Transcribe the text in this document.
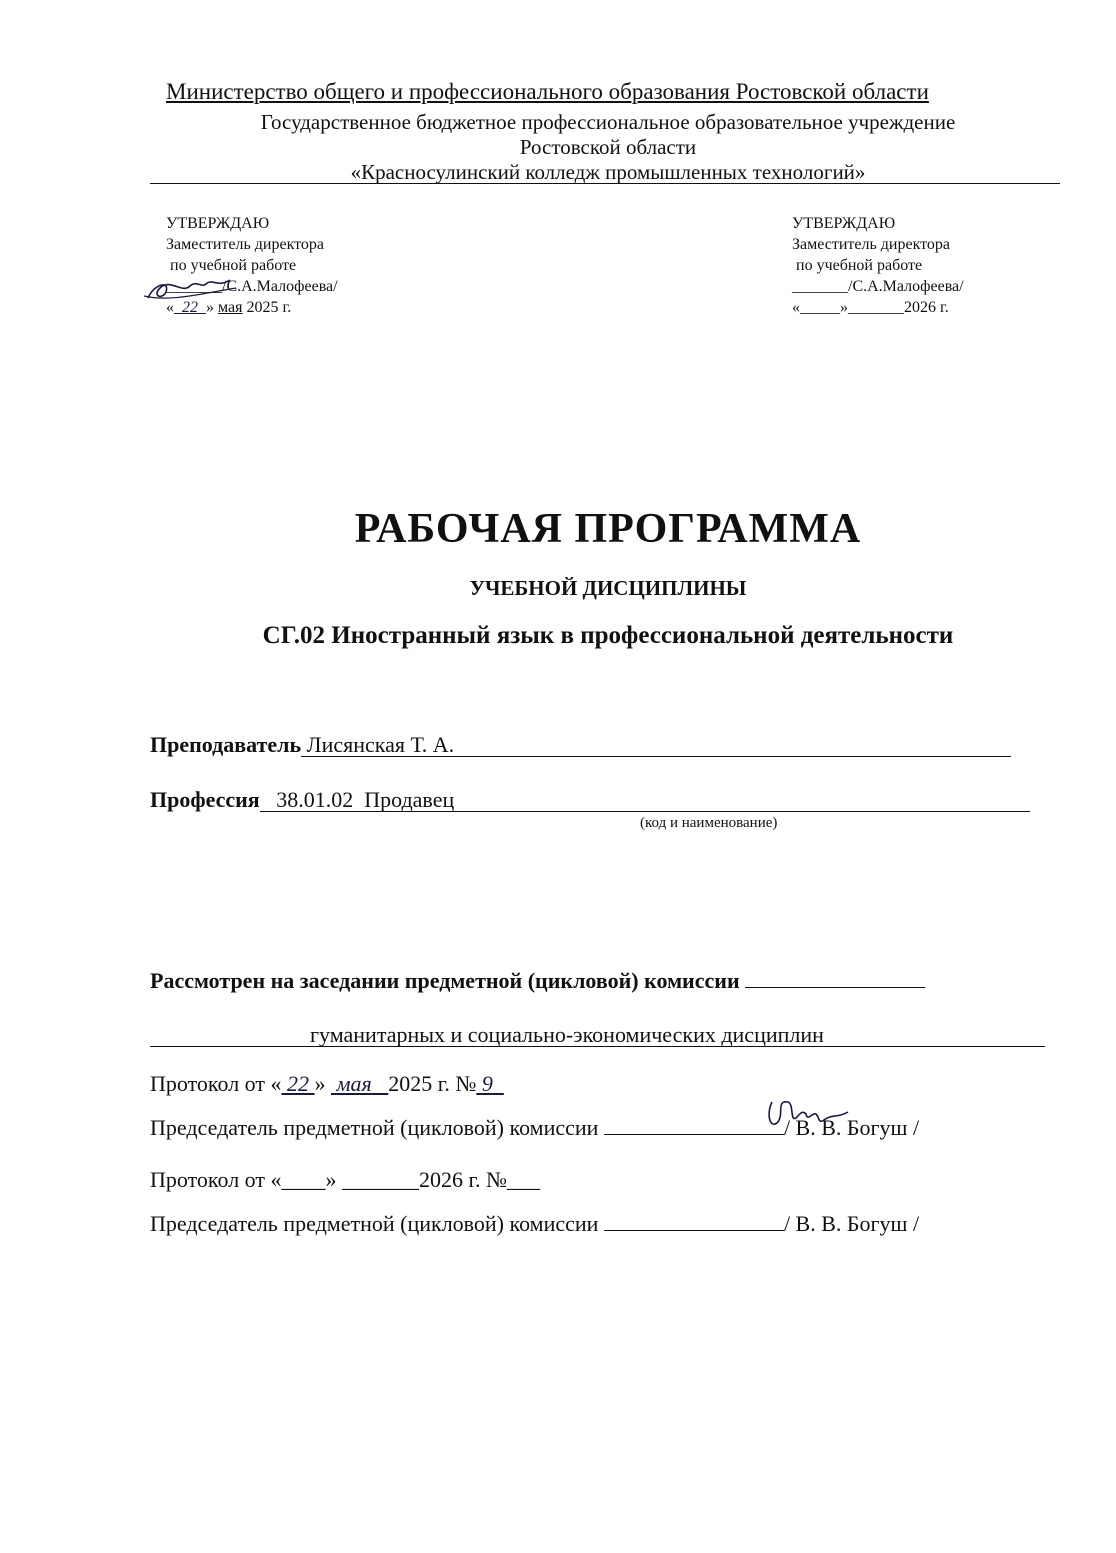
Министерство общего и профессионального образования Ростовской области
Государственное бюджетное профессиональное образовательное учреждение
Ростовской области
«Красносулинский колледж промышленных технологий»
УТВЕРЖДАЮ
Заместитель директора
по учебной работе
_______/С.А.Малофеева/
« 22 » мая 2025 г.
УТВЕРЖДАЮ
Заместитель директора
по учебной работе
_______/С.А.Малофеева/
«_____»_______2026 г.
РАБОЧАЯ ПРОГРАММА
УЧЕБНОЙ ДИСЦИПЛИНЫ
СГ.02 Иностранный язык в профессиональной деятельности
Преподаватель Лисянская Т. А.
Профессия   38.01.02  Продавец
(код и наименование)
Рассмотрен на заседании предметной (цикловой) комиссии
гуманитарных и социально-экономических дисциплин
Протокол от « 22 » мая 2025 г. № 9
Председатель предметной (цикловой) комиссии	/ В. В. Богуш /
Протокол от «____» _______2026 г. №___
Председатель предметной (цикловой) комиссии	/ В. В. Богуш /
